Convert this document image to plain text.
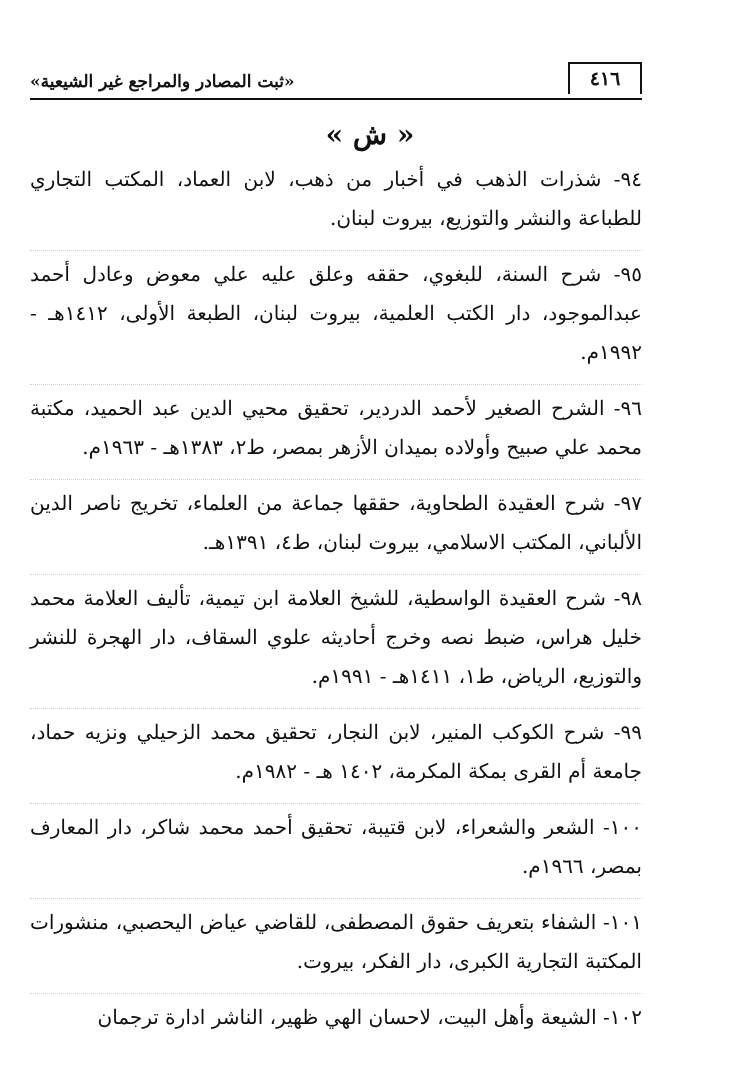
٤١٦
«ثبت المصادر والمراجع غير الشيعية»
« ش »
٩٤- شذرات الذهب في أخبار من ذهب، لابن العماد، المكتب التجاري للطباعة والنشر والتوزيع، بيروت لبنان.
٩٥- شرح السنة، للبغوي، حققه وعلق عليه علي معوض وعادل أحمد عبدالموجود، دار الكتب العلمية، بيروت لبنان، الطبعة الأولى، ١٤١٢هـ - ١٩٩٢م.
٩٦- الشرح الصغير لأحمد الدردير، تحقيق محيي الدين عبد الحميد، مكتبة محمد علي صبيح وأولاده بميدان الأزهر بمصر، ط٢، ١٣٨٣هـ - ١٩٦٣م.
٩٧- شرح العقيدة الطحاوية، حققها جماعة من العلماء، تخريج ناصر الدين الألباني، المكتب الاسلامي، بيروت لبنان، ط٤، ١٣٩١هـ.
٩٨- شرح العقيدة الواسطية، للشيخ العلامة ابن تيمية، تأليف العلامة محمد خليل هراس، ضبط نصه وخرج أحاديثه علوي السقاف، دار الهجرة للنشر والتوزيع، الرياض، ط١، ١٤١١هـ - ١٩٩١م.
٩٩- شرح الكوكب المنير، لابن النجار، تحقيق محمد الزحيلي ونزيه حماد، جامعة أم القرى بمكة المكرمة، ١٤٠٢ هـ - ١٩٨٢م.
١٠٠- الشعر والشعراء، لابن قتيبة، تحقيق أحمد محمد شاكر، دار المعارف بمصر، ١٩٦٦م.
١٠١- الشفاء بتعريف حقوق المصطفى، للقاضي عياض اليحصبي، منشورات المكتبة التجارية الكبرى، دار الفكر، بيروت.
١٠٢- الشيعة وأهل البيت، لاحسان الهي ظهير، الناشر ادارة ترجمان
